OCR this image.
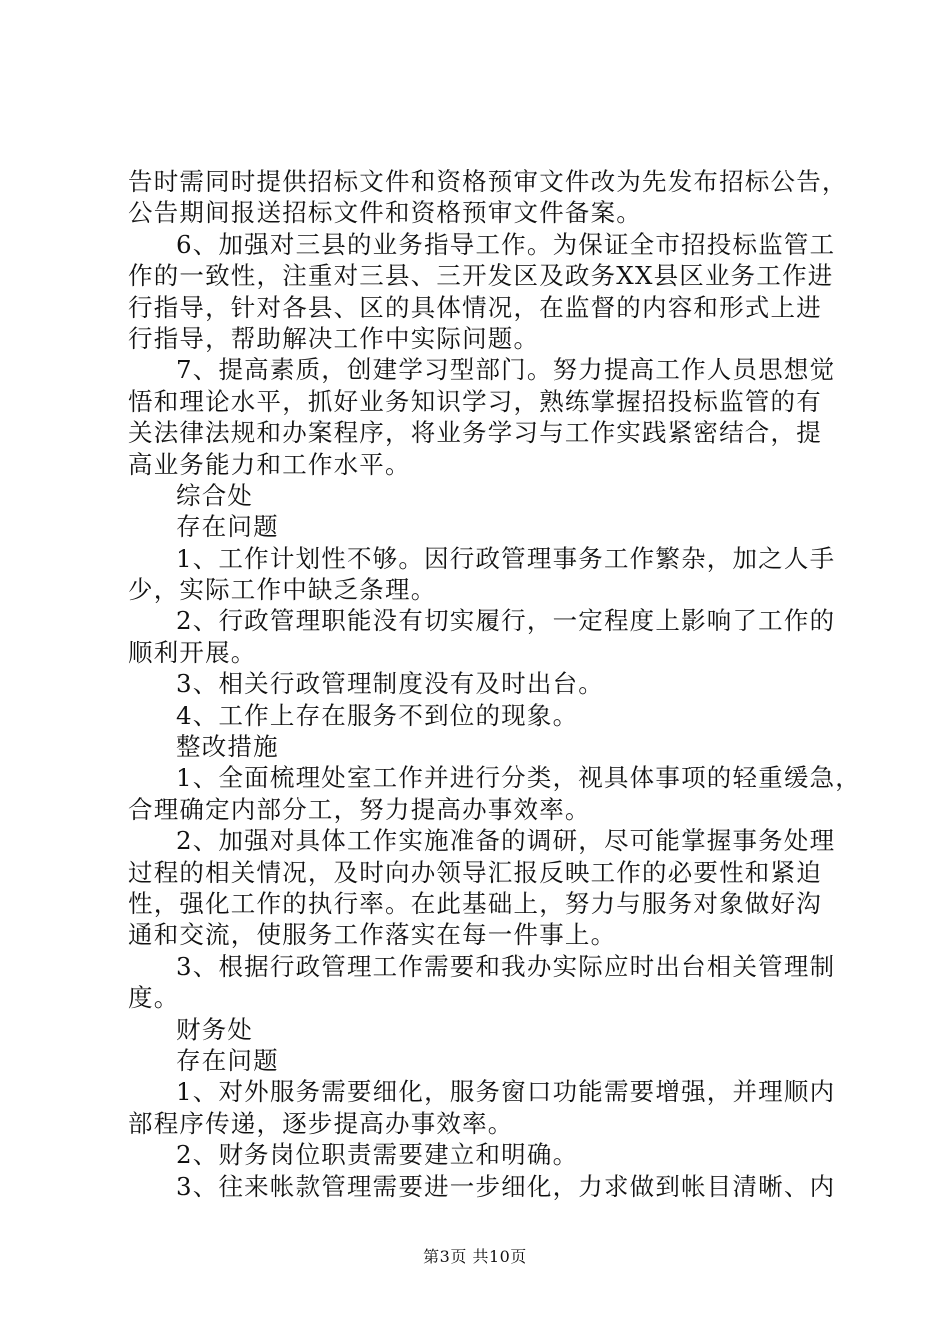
告时需同时提供招标文件和资格预审文件改为先发布招标公告，
公告期间报送招标文件和资格预审文件备案。
6、加强对三县的业务指导工作。为保证全市招投标监管工
作的一致性，注重对三县、三开发区及政务XX县区业务工作进
行指导，针对各县、区的具体情况，在监督的内容和形式上进
行指导，帮助解决工作中实际问题。
7、提高素质，创建学习型部门。努力提高工作人员思想觉
悟和理论水平，抓好业务知识学习，熟练掌握招投标监管的有
关法律法规和办案程序，将业务学习与工作实践紧密结合，提
高业务能力和工作水平。
综合处
存在问题
1、工作计划性不够。因行政管理事务工作繁杂，加之人手
少，实际工作中缺乏条理。
2、行政管理职能没有切实履行，一定程度上影响了工作的
顺利开展。
3、相关行政管理制度没有及时出台。
4、工作上存在服务不到位的现象。
整改措施
1、全面梳理处室工作并进行分类，视具体事项的轻重缓急，
合理确定内部分工，努力提高办事效率。
2、加强对具体工作实施准备的调研，尽可能掌握事务处理
过程的相关情况，及时向办领导汇报反映工作的必要性和紧迫
性，强化工作的执行率。在此基础上，努力与服务对象做好沟
通和交流，使服务工作落实在每一件事上。
3、根据行政管理工作需要和我办实际应时出台相关管理制
度。
财务处
存在问题
1、对外服务需要细化，服务窗口功能需要增强，并理顺内
部程序传递，逐步提高办事效率。
2、财务岗位职责需要建立和明确。
3、往来帐款管理需要进一步细化，力求做到帐目清晰、内
第3页 共10页
